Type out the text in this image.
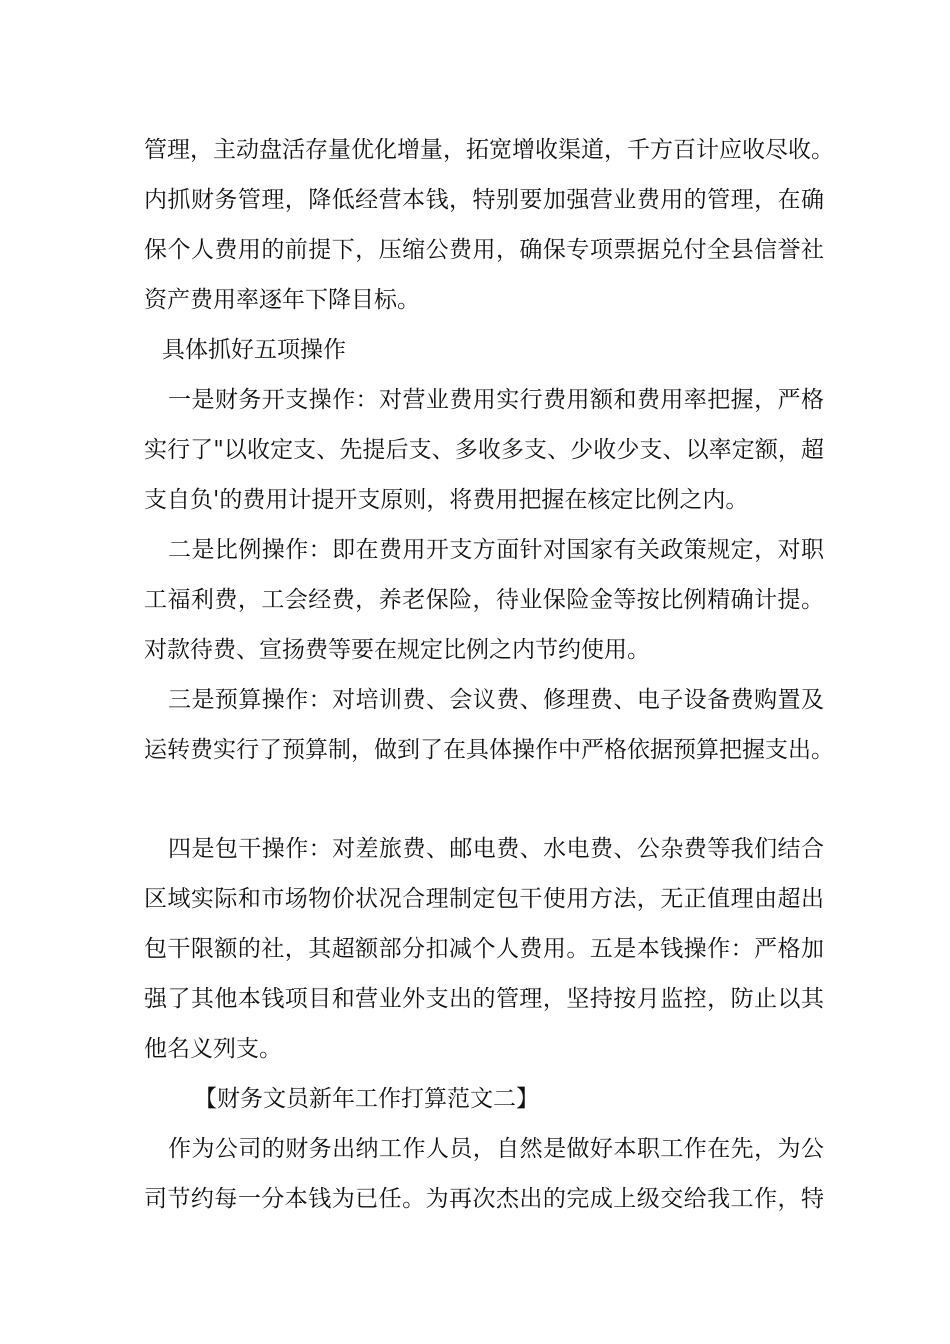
管理，主动盘活存量优化增量，拓宽增收渠道，千方百计应收尽收。
内抓财务管理，降低经营本钱，特别要加强营业费用的管理，在确
保个人费用的前提下，压缩公费用，确保专项票据兑付全县信誉社
资产费用率逐年下降目标。
具体抓好五项操作
一是财务开支操作：对营业费用实行费用额和费用率把握，严格
实行了"以收定支、先提后支、多收多支、少收少支、以率定额，超
支自负'的费用计提开支原则，将费用把握在核定比例之内。
二是比例操作：即在费用开支方面针对国家有关政策规定，对职
工福利费，工会经费，养老保险，待业保险金等按比例精确计提。
对款待费、宣扬费等要在规定比例之内节约使用。
三是预算操作：对培训费、会议费、修理费、电子设备费购置及
运转费实行了预算制，做到了在具体操作中严格依据预算把握支出。
四是包干操作：对差旅费、邮电费、水电费、公杂费等我们结合
区域实际和市场物价状况合理制定包干使用方法，无正值理由超出
包干限额的社，其超额部分扣减个人费用。五是本钱操作：严格加
强了其他本钱项目和营业外支出的管理，坚持按月监控，防止以其
他名义列支。
【财务文员新年工作打算范文二】
作为公司的财务出纳工作人员，自然是做好本职工作在先，为公
司节约每一分本钱为已任。为再次杰出的完成上级交给我工作，特
